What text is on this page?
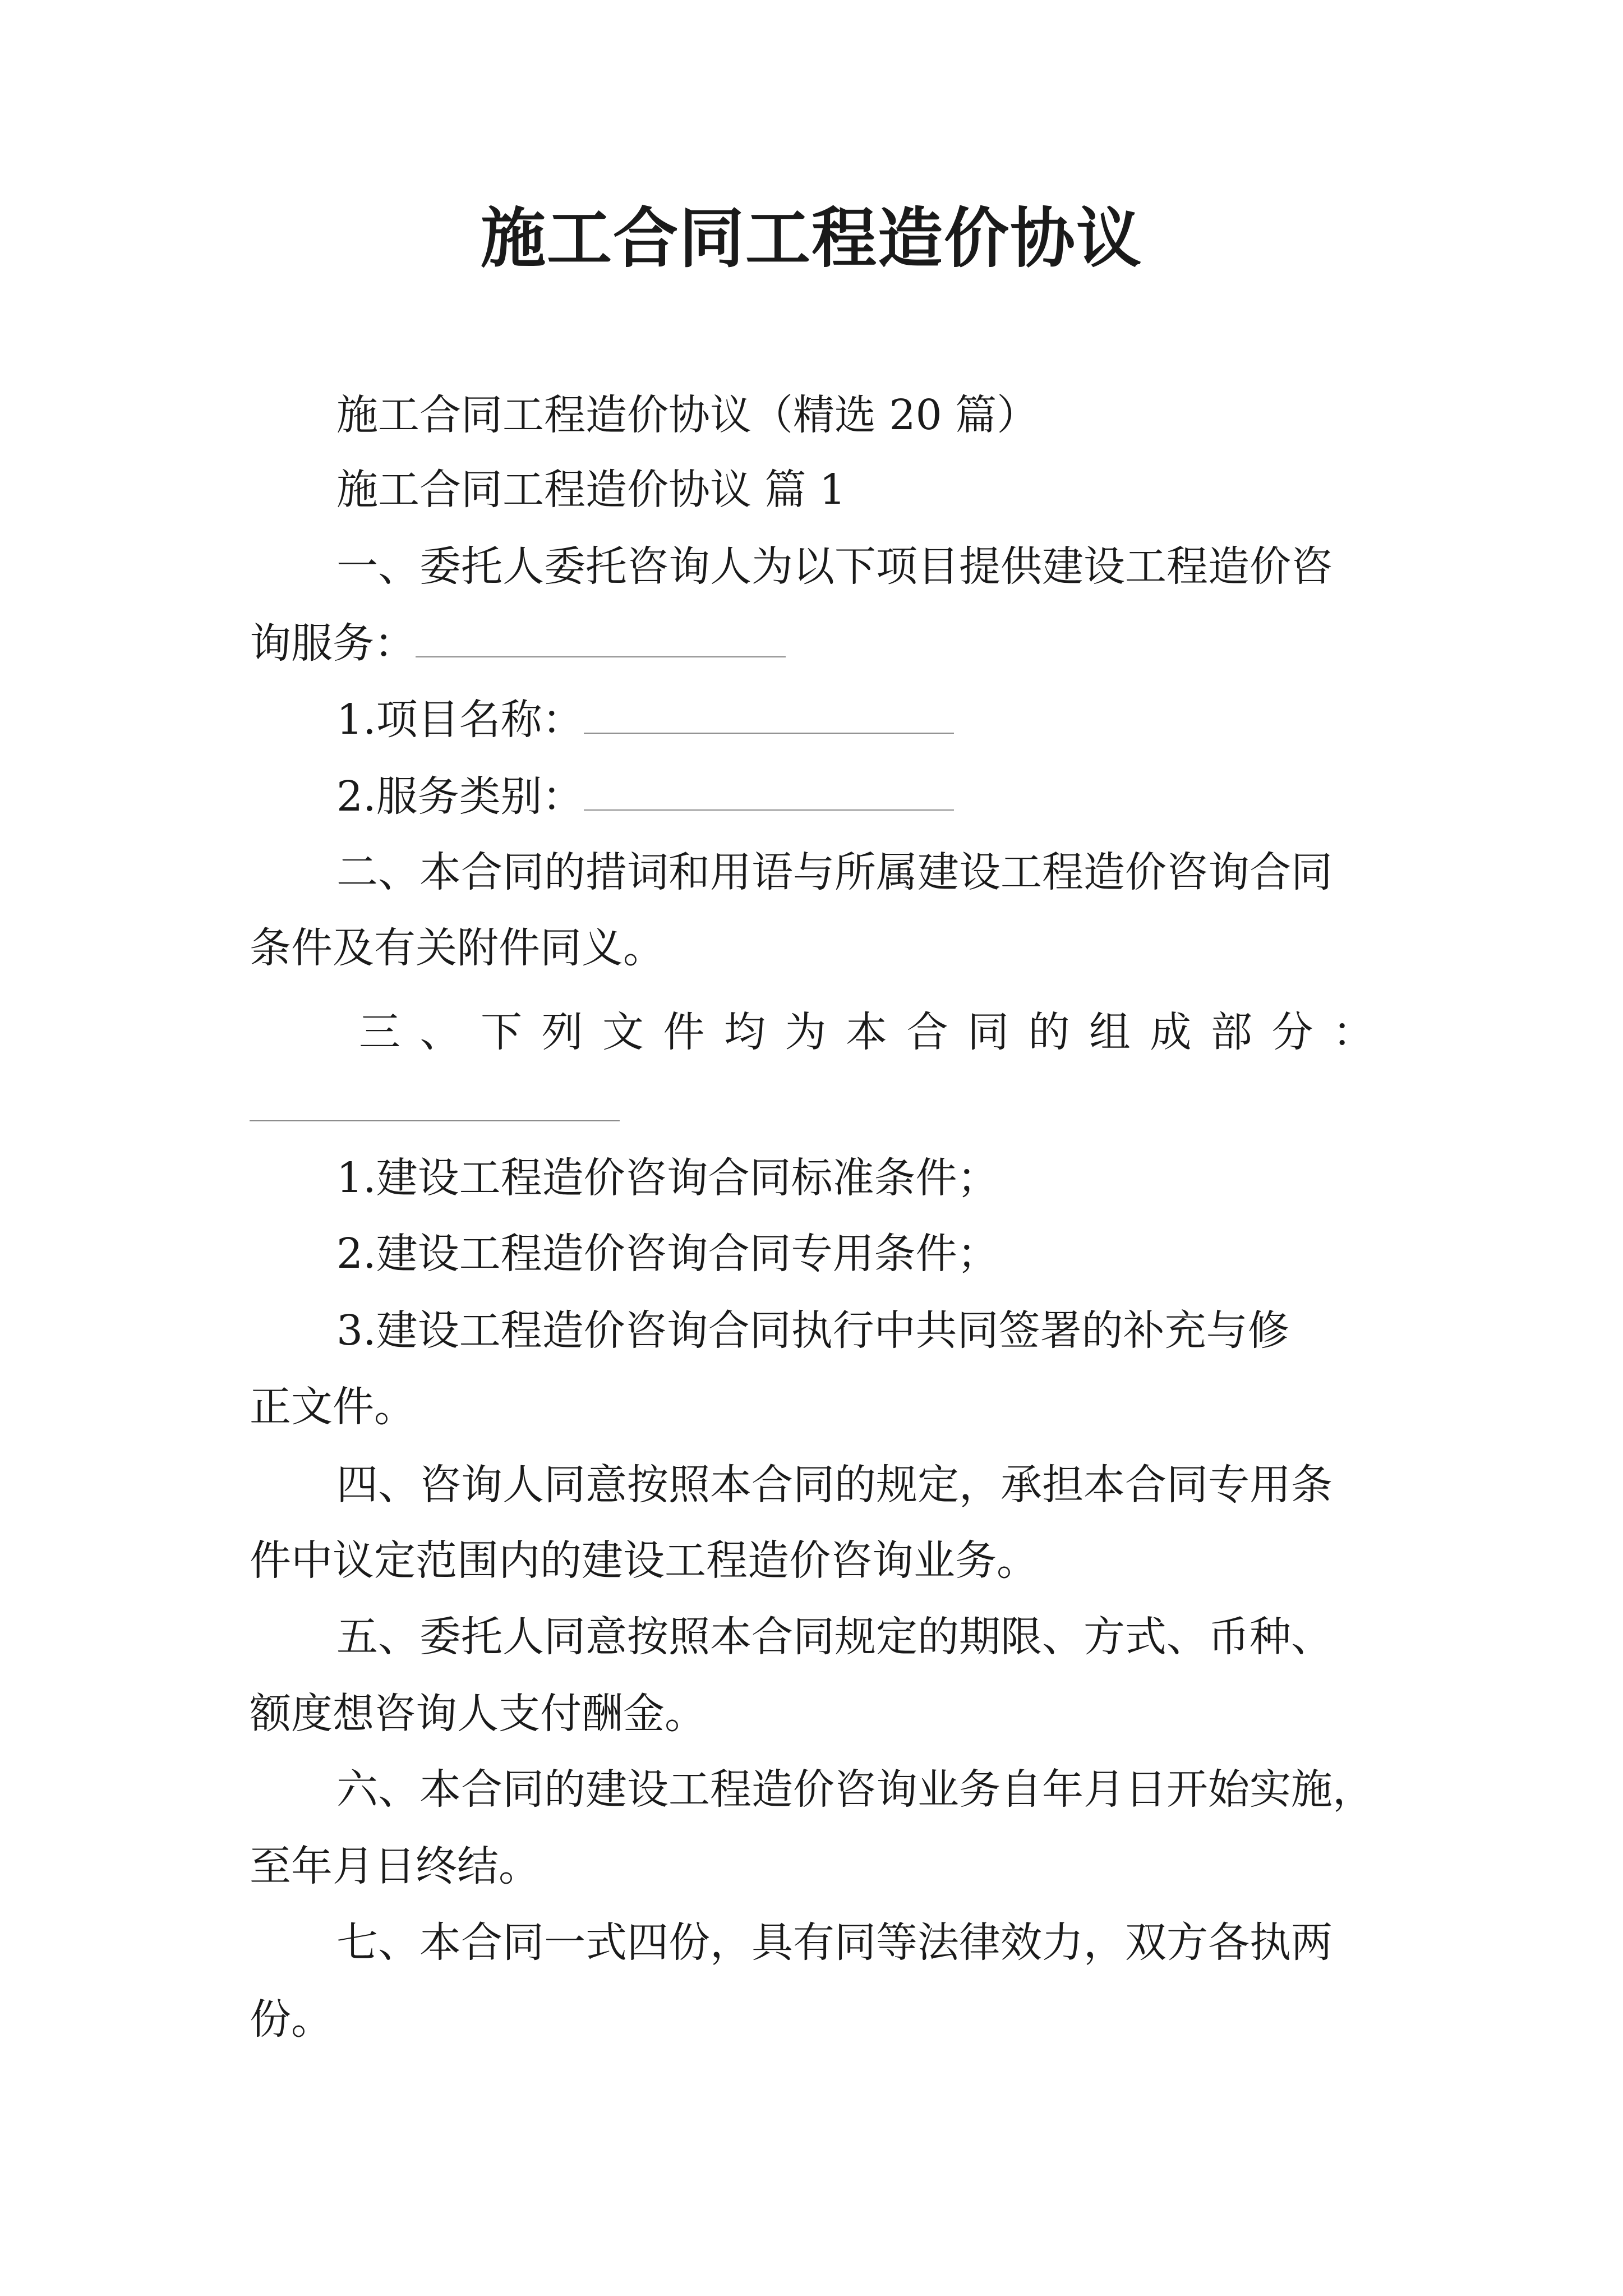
施工合同工程造价协议
施工合同工程造价协议（精选 20 篇）
施工合同工程造价协议 篇 1
一、委托人委托咨询人为以下项目提供建设工程造价咨
询服务：
1.项目名称：
2.服务类别：
二、本合同的措词和用语与所属建设工程造价咨询合同
条件及有关附件同义。
三 、 下 列 文 件 均 为 本 合 同 的 组 成 部 分 ：
1.建设工程造价咨询合同标准条件；
2.建设工程造价咨询合同专用条件；
3.建设工程造价咨询合同执行中共同签署的补充与修
正文件。
四、咨询人同意按照本合同的规定，承担本合同专用条
件中议定范围内的建设工程造价咨询业务。
五、委托人同意按照本合同规定的期限、方式、币种、
额度想咨询人支付酬金。
六、本合同的建设工程造价咨询业务自年月日开始实施，
至年月日终结。
七、本合同一式四份，具有同等法律效力，双方各执两
份。
